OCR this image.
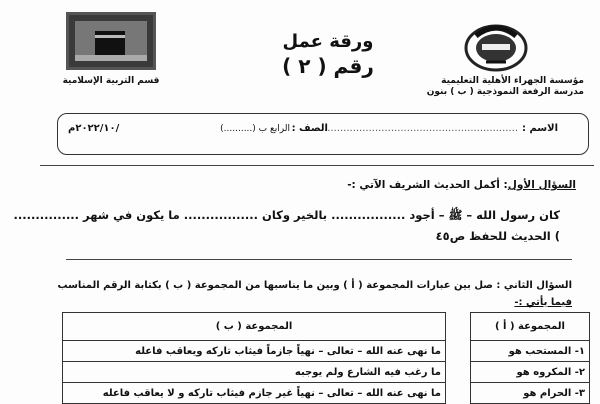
مؤسسة الجهراء الأهلية التعليمية
مدرسة الرفعة النموذجية ( ب ) بنون
ورقة عمل
رقم ( ٢ )
قسم التربية الإسلامية
الاسم :
...............................................................
الصف :
الرابع ب (..........)
/٢٠٢٢/١٠م
السؤال الأول: أكمل الحديث الشريف الآتي :-
كان رسول الله – ﷺ – أجود ................. بالخير وكان ................. ما يكون في شهر ...............
) الحديث للحفظ ص٤٥
السؤال الثاني : صل بين عبارات المجموعة ( أ ) وبين ما يناسبها من المجموعة ( ب ) بكتابة الرقم المناسب
فيما يأتي :-
المجموعة ( أ )		المجموعة ( ب )
١- المستحب هو		ما نهى عنه الله – تعالى – نهياً جازماً فيثاب تاركه ويعاقب فاعله
٢- المكروه هو		ما رغب فيه الشارع ولم يوجبه
٣- الحرام هو		ما نهى عنه الله – تعالى – نهياً غير جازم فيثاب تاركه و لا يعاقب فاعله
